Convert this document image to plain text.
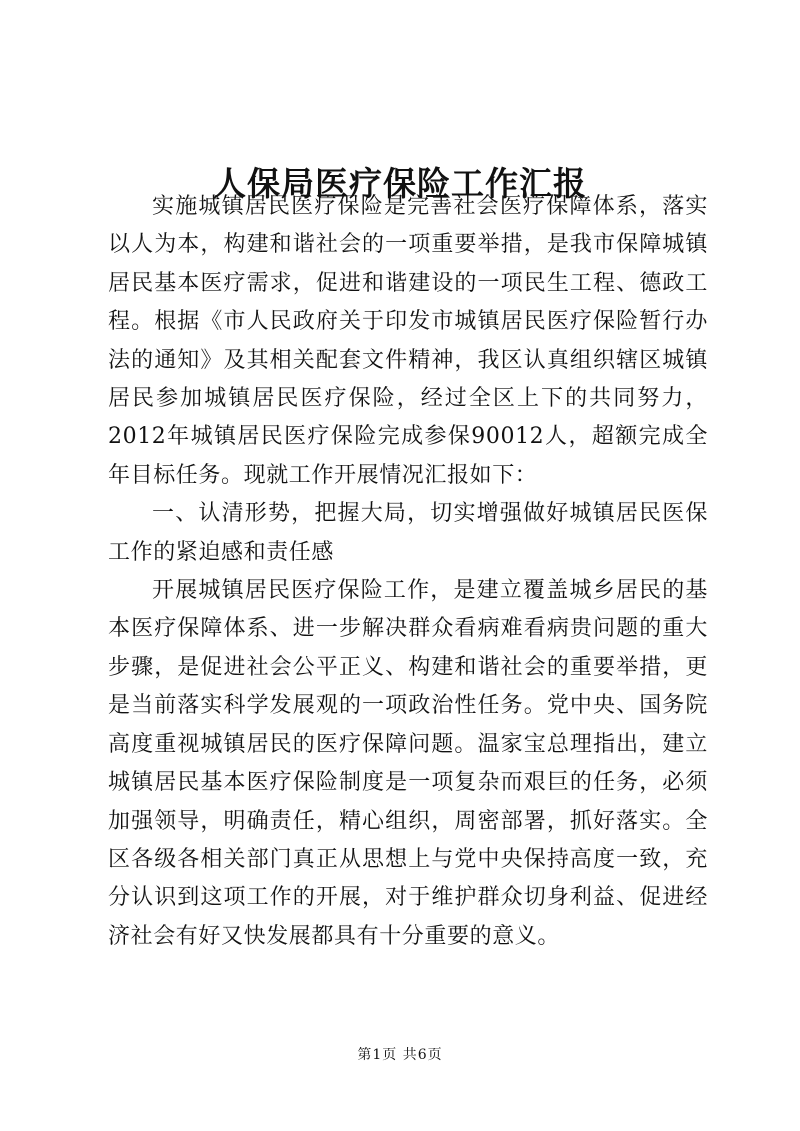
人保局医疗保险工作汇报

实施城镇居民医疗保险是完善社会医疗保障体系，落实以人为本，构建和谐社会的一项重要举措，是我市保障城镇居民基本医疗需求，促进和谐建设的一项民生工程、德政工程。根据《市人民政府关于印发市城镇居民医疗保险暂行办法的通知》及其相关配套文件精神，我区认真组织辖区城镇居民参加城镇居民医疗保险，经过全区上下的共同努力，2012年城镇居民医疗保险完成参保90012人，超额完成全年目标任务。现就工作开展情况汇报如下：

一、认清形势，把握大局，切实增强做好城镇居民医保工作的紧迫感和责任感

开展城镇居民医疗保险工作，是建立覆盖城乡居民的基本医疗保障体系、进一步解决群众看病难看病贵问题的重大步骤，是促进社会公平正义、构建和谐社会的重要举措，更是当前落实科学发展观的一项政治性任务。党中央、国务院高度重视城镇居民的医疗保障问题。温家宝总理指出，建立城镇居民基本医疗保险制度是一项复杂而艰巨的任务，必须加强领导，明确责任，精心组织，周密部署，抓好落实。全区各级各相关部门真正从思想上与党中央保持高度一致，充分认识到这项工作的开展，对于维护群众切身利益、促进经济社会有好又快发展都具有十分重要的意义。

第1页 共6页
